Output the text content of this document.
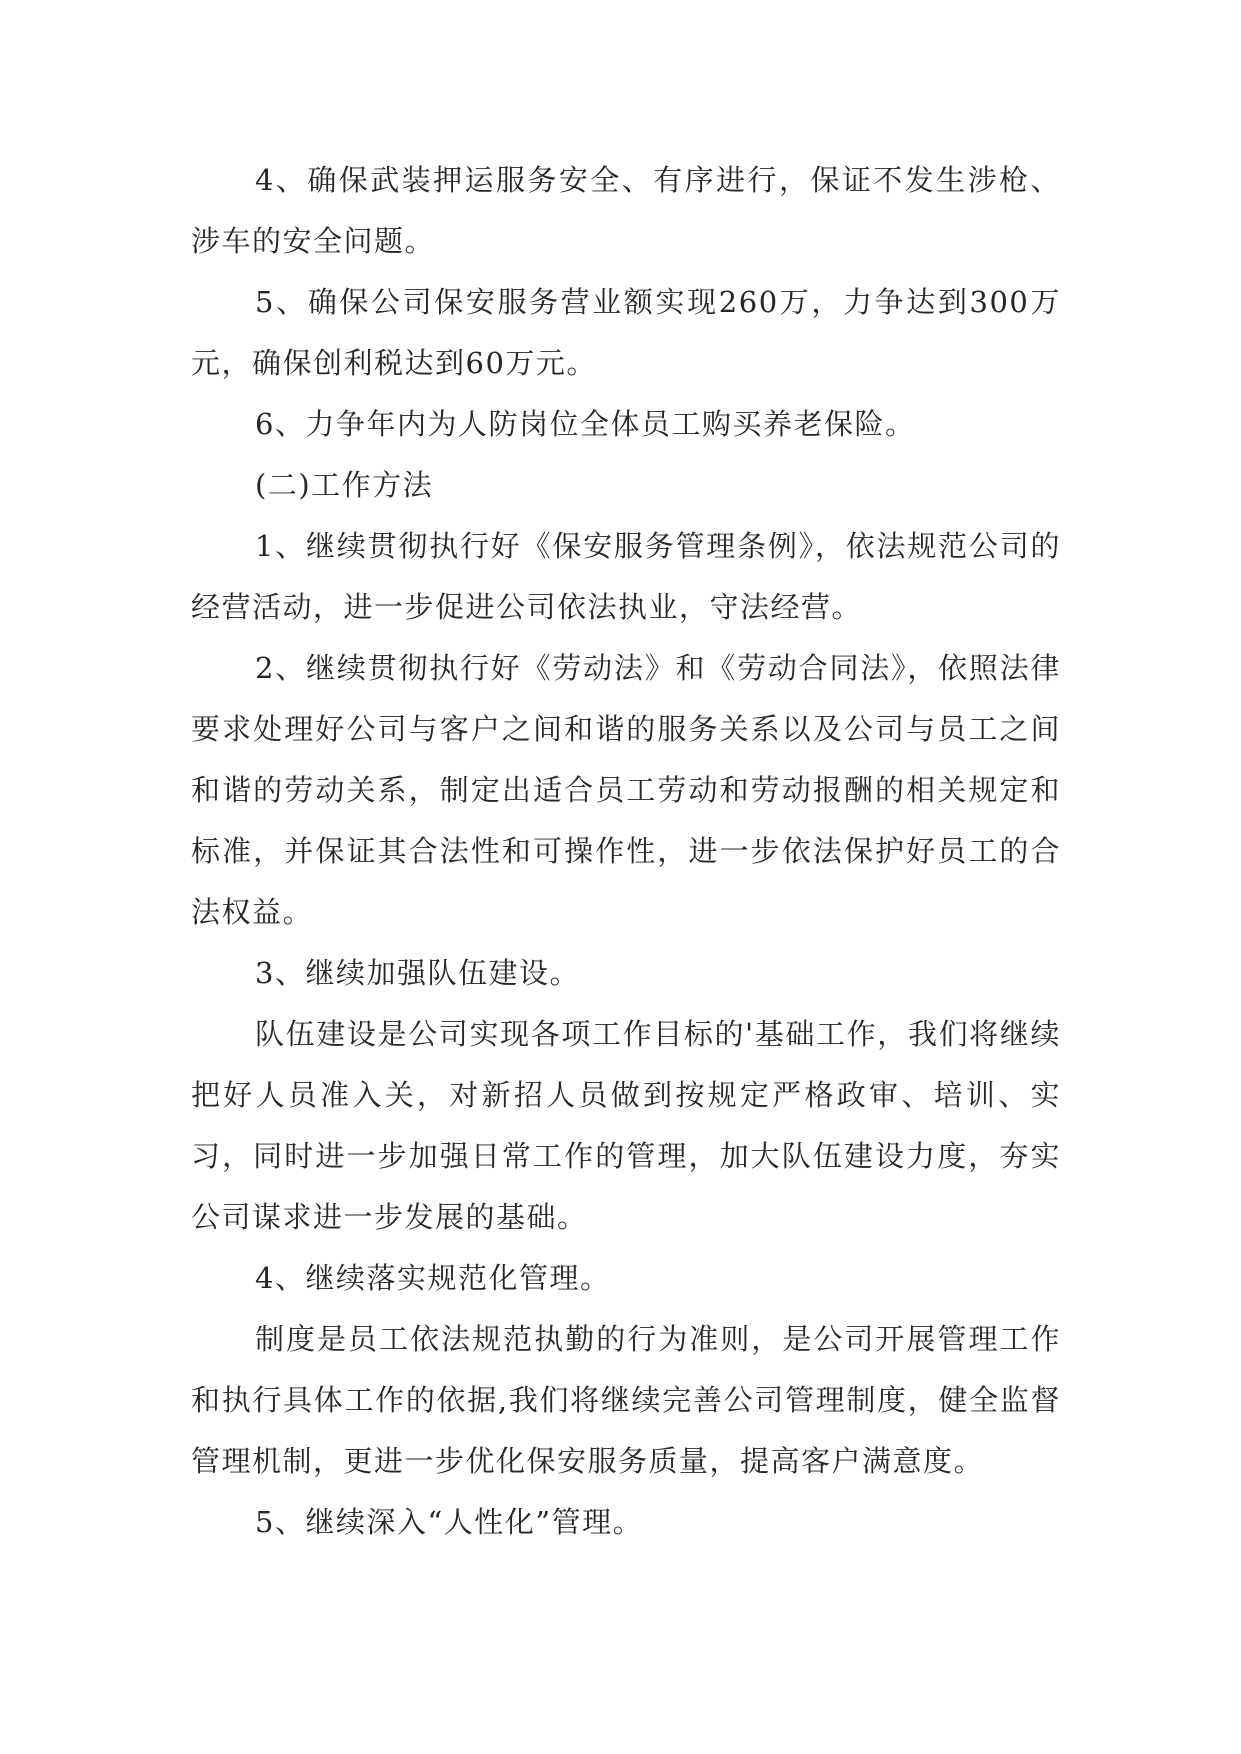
4、确保武装押运服务安全、有序进行，保证不发生涉枪、涉车的安全问题。

5、确保公司保安服务营业额实现260万，力争达到300万元，确保创利税达到60万元。

6、力争年内为人防岗位全体员工购买养老保险。

(二)工作方法

1、继续贯彻执行好《保安服务管理条例》，依法规范公司的经营活动，进一步促进公司依法执业，守法经营。

2、继续贯彻执行好《劳动法》和《劳动合同法》，依照法律要求处理好公司与客户之间和谐的服务关系以及公司与员工之间和谐的劳动关系，制定出适合员工劳动和劳动报酬的相关规定和标准，并保证其合法性和可操作性，进一步依法保护好员工的合法权益。

3、继续加强队伍建设。

队伍建设是公司实现各项工作目标的'基础工作，我们将继续把好人员准入关，对新招人员做到按规定严格政审、培训、实习，同时进一步加强日常工作的管理，加大队伍建设力度，夯实公司谋求进一步发展的基础。

4、继续落实规范化管理。

制度是员工依法规范执勤的行为准则，是公司开展管理工作和执行具体工作的依据,我们将继续完善公司管理制度，健全监督管理机制，更进一步优化保安服务质量，提高客户满意度。

5、继续深入“人性化”管理。
